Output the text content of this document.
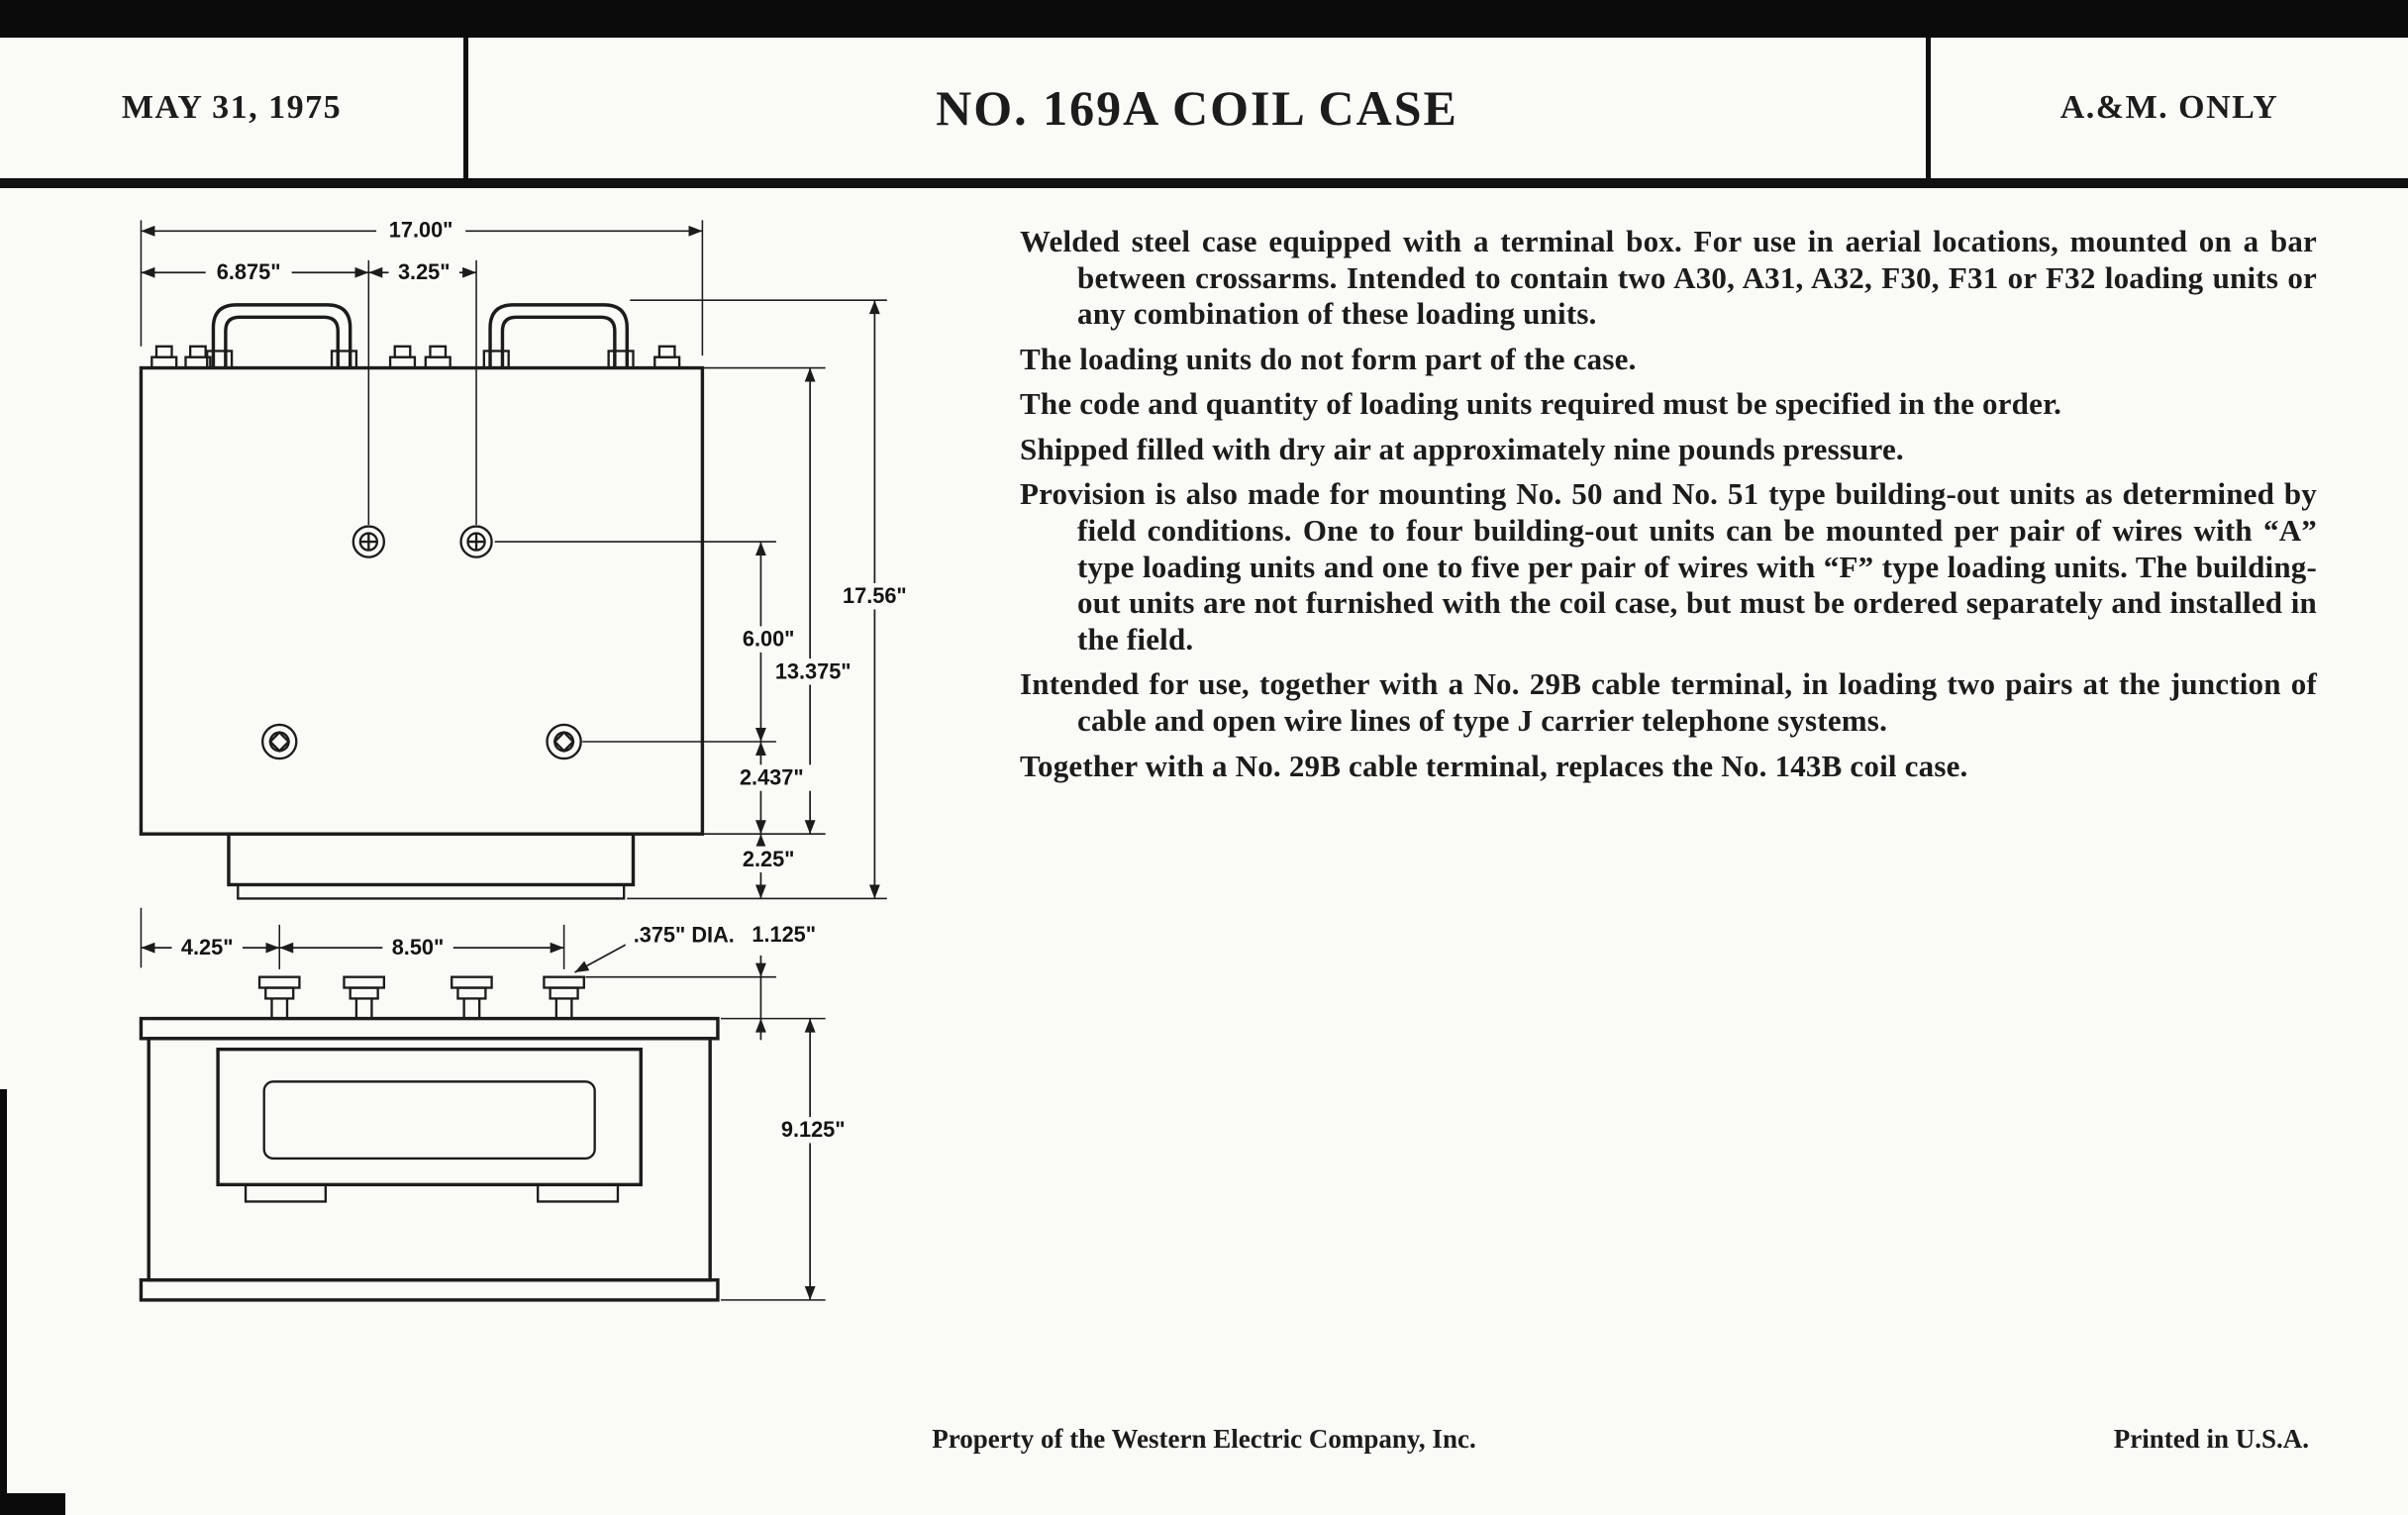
MAY 31, 1975	NO. 169A COIL CASE	A.&M. ONLY
17.00"
6.875"	3.25"
17.56"
13.375"
6.00"
2.437"
2.25"
1.125"
4.25"	8.50"	.375" DIA.
9.125"

Welded steel case equipped with a terminal box. For use in aerial locations, mounted on a bar between crossarms. Intended to contain two A30, A31, A32, F30, F31 or F32 loading units or any combination of these loading units.

The loading units do not form part of the case.

The code and quantity of loading units required must be specified in the order.

Shipped filled with dry air at approximately nine pounds pressure.

Provision is also made for mounting No. 50 and No. 51 type building-out units as determined by field conditions. One to four building-out units can be mounted per pair of wires with “A” type loading units and one to five per pair of wires with “F” type loading units. The building-out units are not furnished with the coil case, but must be ordered separately and installed in the field.

Intended for use, together with a No. 29B cable terminal, in loading two pairs at the junction of cable and open wire lines of type J carrier telephone systems.

Together with a No. 29B cable terminal, replaces the No. 143B coil case.

Property of the Western Electric Company, Inc.	Printed in U.S.A.
